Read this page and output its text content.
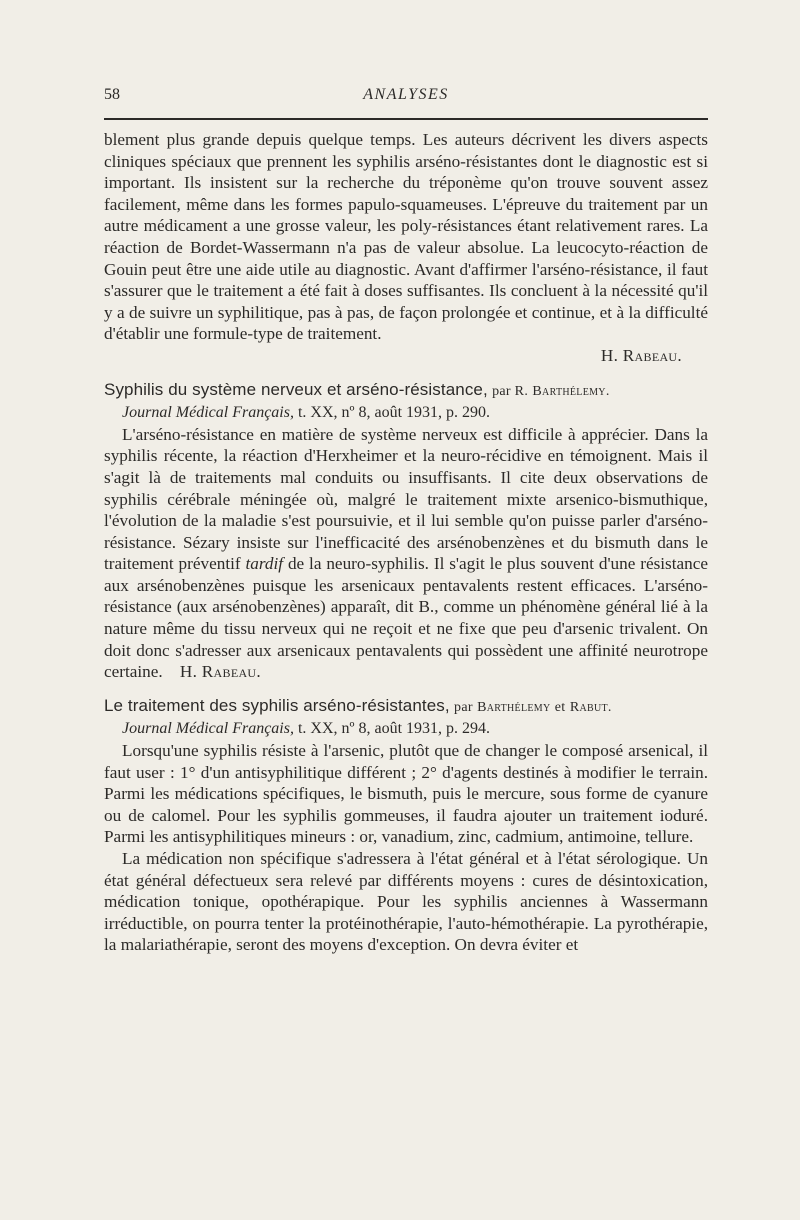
58	ANALYSES

blement plus grande depuis quelque temps. Les auteurs décrivent les divers aspects cliniques spéciaux que prennent les syphilis arséno-résistantes dont le diagnostic est si important. Ils insistent sur la recherche du tréponème qu'on trouve souvent assez facilement, même dans les formes papulo-squameuses. L'épreuve du traitement par un autre médicament a une grosse valeur, les poly-résistances étant relativement rares. La réaction de Bordet-Wassermann n'a pas de valeur absolue. La leucocyto-réaction de Gouin peut être une aide utile au diagnostic. Avant d'affirmer l'arséno-résistance, il faut s'assurer que le traitement a été fait à doses suffisantes. Ils concluent à la nécessité qu'il y a de suivre un syphilitique, pas à pas, de façon prolongée et continue, et à la difficulté d'établir une formule-type de traitement.

H. Rabeau.

Syphilis du système nerveux et arséno-résistance, par R. Barthélemy.

Journal Médical Français, t. XX, nº 8, août 1931, p. 290.

L'arséno-résistance en matière de système nerveux est difficile à apprécier. Dans la syphilis récente, la réaction d'Herxheimer et la neuro-récidive en témoignent. Mais il s'agit là de traitements mal conduits ou insuffisants. Il cite deux observations de syphilis cérébrale méningée où, malgré le traitement mixte arsenico-bismuthique, l'évolution de la maladie s'est poursuivie, et il lui semble qu'on puisse parler d'arséno-résistance. Sézary insiste sur l'inefficacité des arsénobenzènes et du bismuth dans le traitement préventif tardif de la neuro-syphilis. Il s'agit le plus souvent d'une résistance aux arsénobenzènes puisque les arsenicaux pentavalents restent efficaces. L'arséno-résistance (aux arsénobenzènes) apparaît, dit B., comme un phénomène général lié à la nature même du tissu nerveux qui ne reçoit et ne fixe que peu d'arsenic trivalent. On doit donc s'adresser aux arsenicaux pentavalents qui possèdent une affinité neurotrope certaine. H. Rabeau.

Le traitement des syphilis arséno-résistantes, par Barthélemy et Rabut.

Journal Médical Français, t. XX, nº 8, août 1931, p. 294.

Lorsqu'une syphilis résiste à l'arsenic, plutôt que de changer le composé arsenical, il faut user : 1° d'un antisyphilitique différent ; 2° d'agents destinés à modifier le terrain. Parmi les médications spécifiques, le bismuth, puis le mercure, sous forme de cyanure ou de calomel. Pour les syphilis gommeuses, il faudra ajouter un traitement ioduré. Parmi les antisyphilitiques mineurs : or, vanadium, zinc, cadmium, antimoine, tellure.

La médication non spécifique s'adressera à l'état général et à l'état sérologique. Un état général défectueux sera relevé par différents moyens : cures de désintoxication, médication tonique, opothérapique. Pour les syphilis anciennes à Wassermann irréductible, on pourra tenter la protéinothérapie, l'auto-hémothérapie. La pyrothérapie, la malariathérapie, seront des moyens d'exception. On devra éviter et
